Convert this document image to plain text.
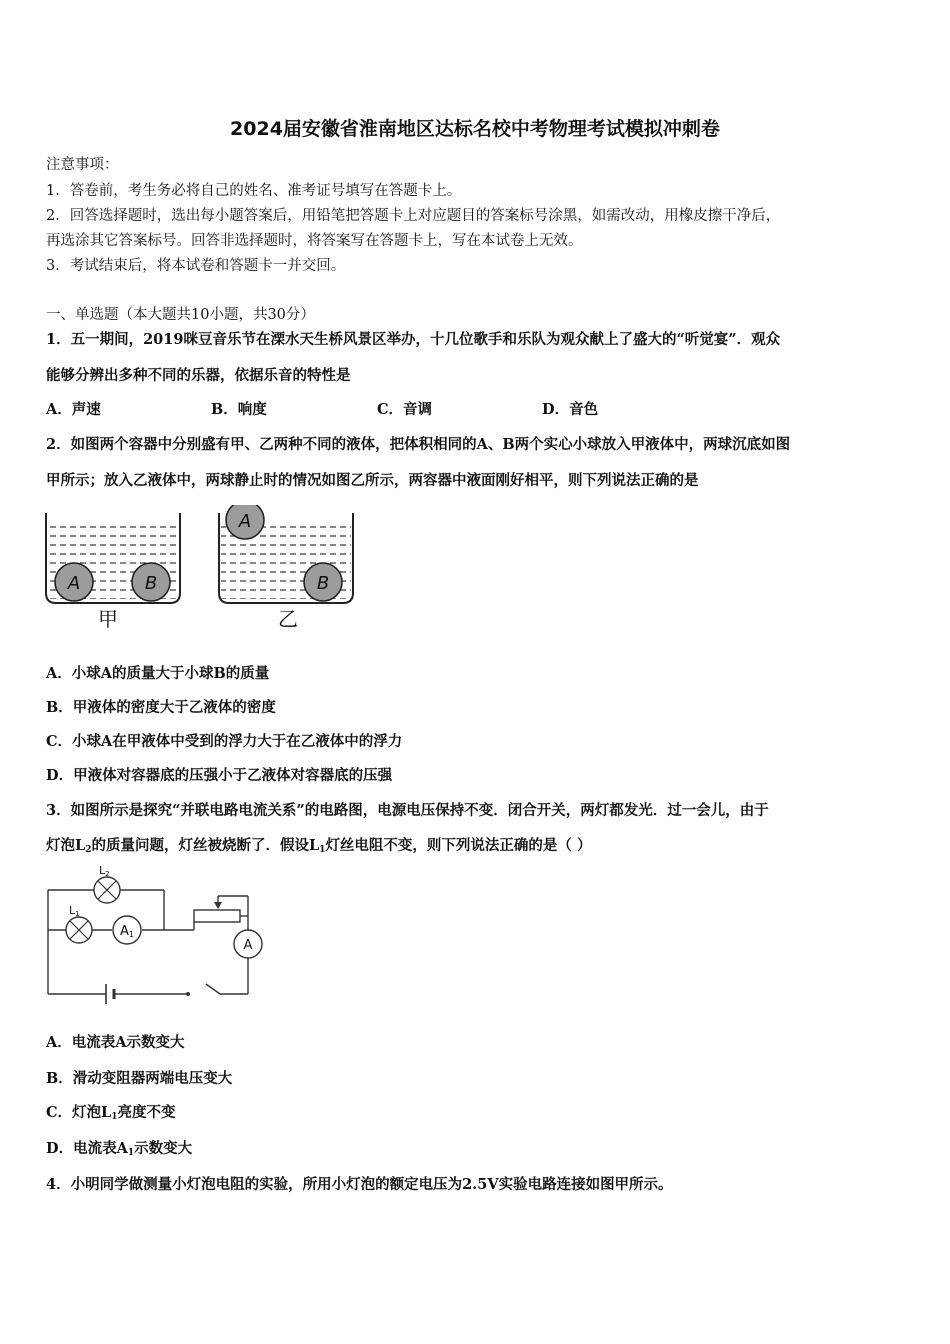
2024届安徽省淮南地区达标名校中考物理考试模拟冲刺卷
注意事项：
1．答卷前，考生务必将自己的姓名、准考证号填写在答题卡上。
2．回答选择题时，选出每小题答案后，用铅笔把答题卡上对应题目的答案标号涂黑，如需改动，用橡皮擦干净后，
再选涂其它答案标号。回答非选择题时，将答案写在答题卡上，写在本试卷上无效。
3．考试结束后，将本试卷和答题卡一并交回。
一、单选题（本大题共10小题，共30分）
1．五一期间，2019咪豆音乐节在溧水天生桥风景区举办，十几位歌手和乐队为观众献上了盛大的“听觉宴”．观众
能够分辨出多种不同的乐器，依据乐音的特性是
A．声速	B．响度	C．音调	D．音色
2．如图两个容器中分别盛有甲、乙两种不同的液体，把体积相同的A、B两个实心小球放入甲液体中，两球沉底如图
甲所示；放入乙液体中，两球静止时的情况如图乙所示，两容器中液面刚好相平，则下列说法正确的是
A	B
甲
A
B
乙
A．小球A的质量大于小球B的质量
B．甲液体的密度大于乙液体的密度
C．小球A在甲液体中受到的浮力大于在乙液体中的浮力
D．甲液体对容器底的压强小于乙液体对容器底的压强
3．如图所示是探究“并联电路电流关系”的电路图，电源电压保持不变．闭合开关，两灯都发光．过一会儿，由于
灯泡$L_2$的质量问题，灯丝被烧断了．假设$L_1$灯丝电阻不变，则下列说法正确的是（ ）
L2
L1
A1
A
A．电流表A示数变大
B．滑动变阻器两端电压变大
C．灯泡$L_1$亮度不变
D．电流表$A_1$示数变大
4．小明同学做测量小灯泡电阻的实验，所用小灯泡的额定电压为2.5V实验电路连接如图甲所示。
